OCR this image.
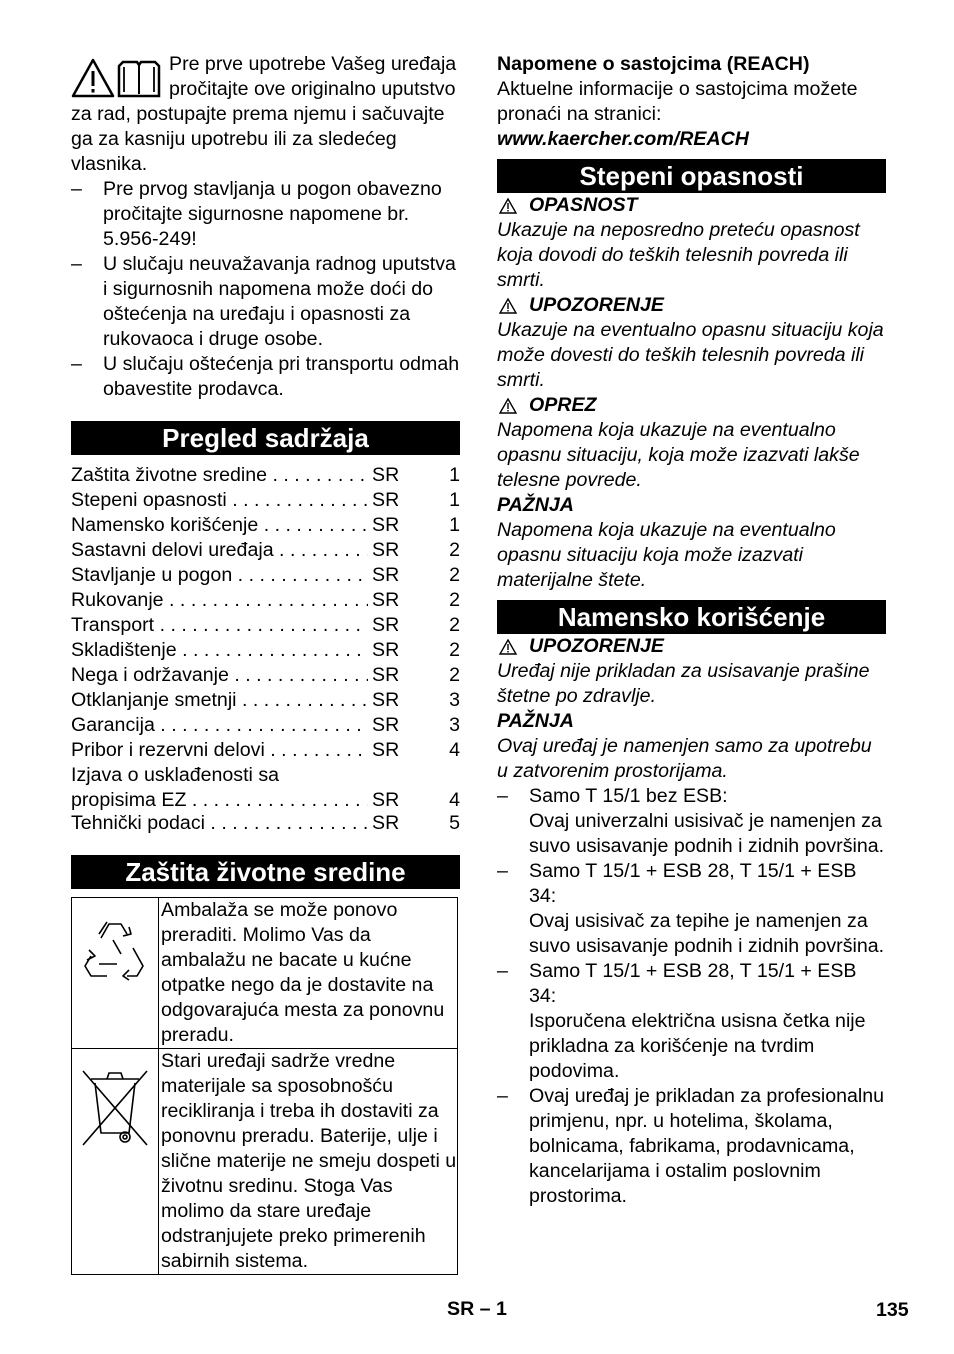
Pre prve upotrebe Vašeg uređaja pročitajte ove originalno uputstvo za rad, postupajte prema njemu i sačuvajte ga za kasniju upotrebu ili za sledećeg vlasnika.

– Pre prvog stavljanja u pogon obavezno pročitajte sigurnosne napomene br. 5.956-249!
– U slučaju neuvažavanja radnog uputstva i sigurnosnih napomena može doći do oštećenja na uređaju i opasnosti za rukovaoca i druge osobe.
– U slučaju oštećenja pri transportu odmah obavestite prodavca.
Pregled sadržaja
Zaštita životne sredine . . .	SR	1
Stepeni opasnosti . . .	SR	1
Namensko korišćenje . . .	SR	1
Sastavni delovi uređaja . . .	SR	2
Stavljanje u pogon . . .	SR	2
Rukovanje . . .	SR	2
Transport . . .	SR	2
Skladištenje . . .	SR	2
Nega i održavanje . . .	SR	2
Otklanjanje smetnji . . .	SR	3
Garancija . . .	SR	3
Pribor i rezervni delovi . . .	SR	4
Izjava o usklađenosti sa
propisima EZ . . .	SR	4
Tehnički podaci . . .	SR	5
Zaštita životne sredine
	Ambalaža se može ponovo preraditi. Molimo Vas da ambalažu ne bacate u kućne otpatke nego da je dostavite na odgovarajuća mesta za ponovnu preradu.
	Stari uređaji sadrže vredne materijale sa sposobnošću recikliranja i treba ih dostaviti za ponovnu preradu. Baterije, ulje i slične materije ne smeju dospeti u životnu sredinu. Stoga Vas molimo da stare uređaje odstranjujete preko primerenih sabirnih sistema.

Napomene o sastojcima (REACH)

Aktuelne informacije o sastojcima možete pronaći na stranici:

www.kaercher.com/REACH

Stepeni opasnosti
OPASNOST

Ukazuje na neposredno preteću opasnost koja dovodi do teških telesnih povreda ili smrti.

UPOZORENJE

Ukazuje na eventualno opasnu situaciju koja može dovesti do teških telesnih povreda ili smrti.

OPREZ

Napomena koja ukazuje na eventualno opasnu situaciju, koja može izazvati lakše telesne povrede.

PAŽNJA

Napomena koja ukazuje na eventualno opasnu situaciju koja može izazvati materijalne štete.

Namensko korišćenje
UPOZORENJE

Uređaj nije prikladan za usisavanje prašine štetne po zdravlje.

PAŽNJA

Ovaj uređaj je namenjen samo za upotrebu u zatvorenim prostorijama.

– Samo T 15/1 bez ESB:
Ovaj univerzalni usisivač je namenjen za suvo usisavanje podnih i zidnih površina.
– Samo T 15/1 + ESB 28, T 15/1 + ESB 34:
Ovaj usisivač za tepihe je namenjen za suvo usisavanje podnih i zidnih površina.
– Samo T 15/1 + ESB 28, T 15/1 + ESB 34:
Isporučena električna usisna četka nije prikladna za korišćenje na tvrdim podovima.
– Ovaj uređaj je prikladan za profesionalnu primjenu, npr. u hotelima, školama, bolnicama, fabrikama, prodavnicama, kancelarijama i ostalim poslovnim prostorima.
SR – 1	135
